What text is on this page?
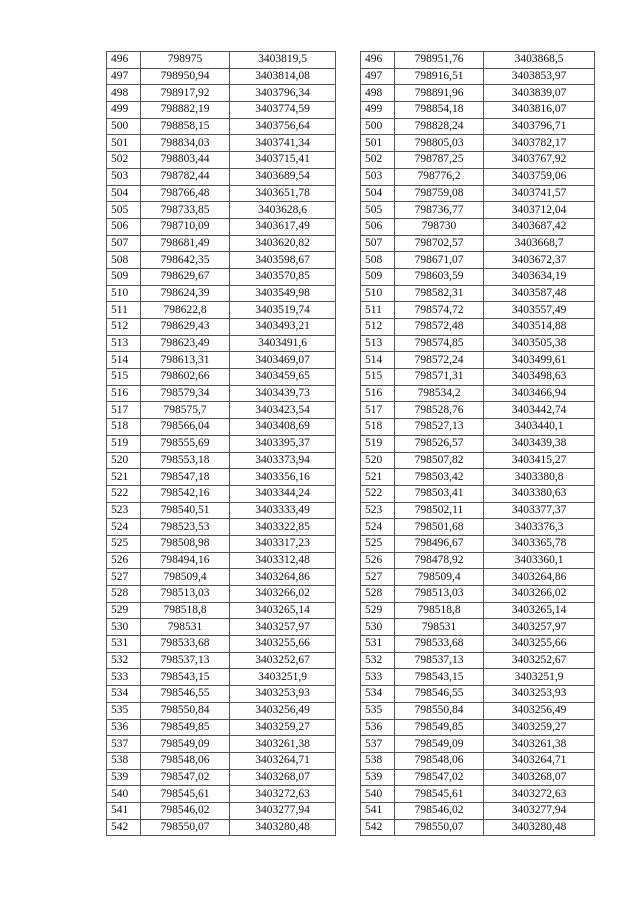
496	798975	3403819,5
497	798950,94	3403814,08
498	798917,92	3403796,34
499	798882,19	3403774,59
500	798858,15	3403756,64
501	798834,03	3403741,34
502	798803,44	3403715,41
503	798782,44	3403689,54
504	798766,48	3403651,78
505	798733,85	3403628,6
506	798710,09	3403617,49
507	798681,49	3403620,82
508	798642,35	3403598,67
509	798629,67	3403570,85
510	798624,39	3403549,98
511	798622,8	3403519,74
512	798629,43	3403493,21
513	798623,49	3403491,6
514	798613,31	3403469,07
515	798602,66	3403459,65
516	798579,34	3403439,73
517	798575,7	3403423,54
518	798566,04	3403408,69
519	798555,69	3403395,37
520	798553,18	3403373,94
521	798547,18	3403356,16
522	798542,16	3403344,24
523	798540,51	3403333,49
524	798523,53	3403322,85
525	798508,98	3403317,23
526	798494,16	3403312,48
527	798509,4	3403264,86
528	798513,03	3403266,02
529	798518,8	3403265,14
530	798531	3403257,97
531	798533,68	3403255,66
532	798537,13	3403252,67
533	798543,15	3403251,9
534	798546,55	3403253,93
535	798550,84	3403256,49
536	798549,85	3403259,27
537	798549,09	3403261,38
538	798548,06	3403264,71
539	798547,02	3403268,07
540	798545,61	3403272,63
541	798546,02	3403277,94
542	798550,07	3403280,48
496	798951,76	3403868,5
497	798916,51	3403853,97
498	798891,96	3403839,07
499	798854,18	3403816,07
500	798828,24	3403796,71
501	798805,03	3403782,17
502	798787,25	3403767,92
503	798776,2	3403759,06
504	798759,08	3403741,57
505	798736,77	3403712,04
506	798730	3403687,42
507	798702,57	3403668,7
508	798671,07	3403672,37
509	798603,59	3403634,19
510	798582,31	3403587,48
511	798574,72	3403557,49
512	798572,48	3403514,88
513	798574,85	3403505,38
514	798572,24	3403499,61
515	798571,31	3403498,63
516	798534,2	3403466,94
517	798528,76	3403442,74
518	798527,13	3403440,1
519	798526,57	3403439,38
520	798507,82	3403415,27
521	798503,42	3403380,8
522	798503,41	3403380,63
523	798502,11	3403377,37
524	798501,68	3403376,3
525	798496,67	3403365,78
526	798478,92	3403360,1
527	798509,4	3403264,86
528	798513,03	3403266,02
529	798518,8	3403265,14
530	798531	3403257,97
531	798533,68	3403255,66
532	798537,13	3403252,67
533	798543,15	3403251,9
534	798546,55	3403253,93
535	798550,84	3403256,49
536	798549,85	3403259,27
537	798549,09	3403261,38
538	798548,06	3403264,71
539	798547,02	3403268,07
540	798545,61	3403272,63
541	798546,02	3403277,94
542	798550,07	3403280,48
